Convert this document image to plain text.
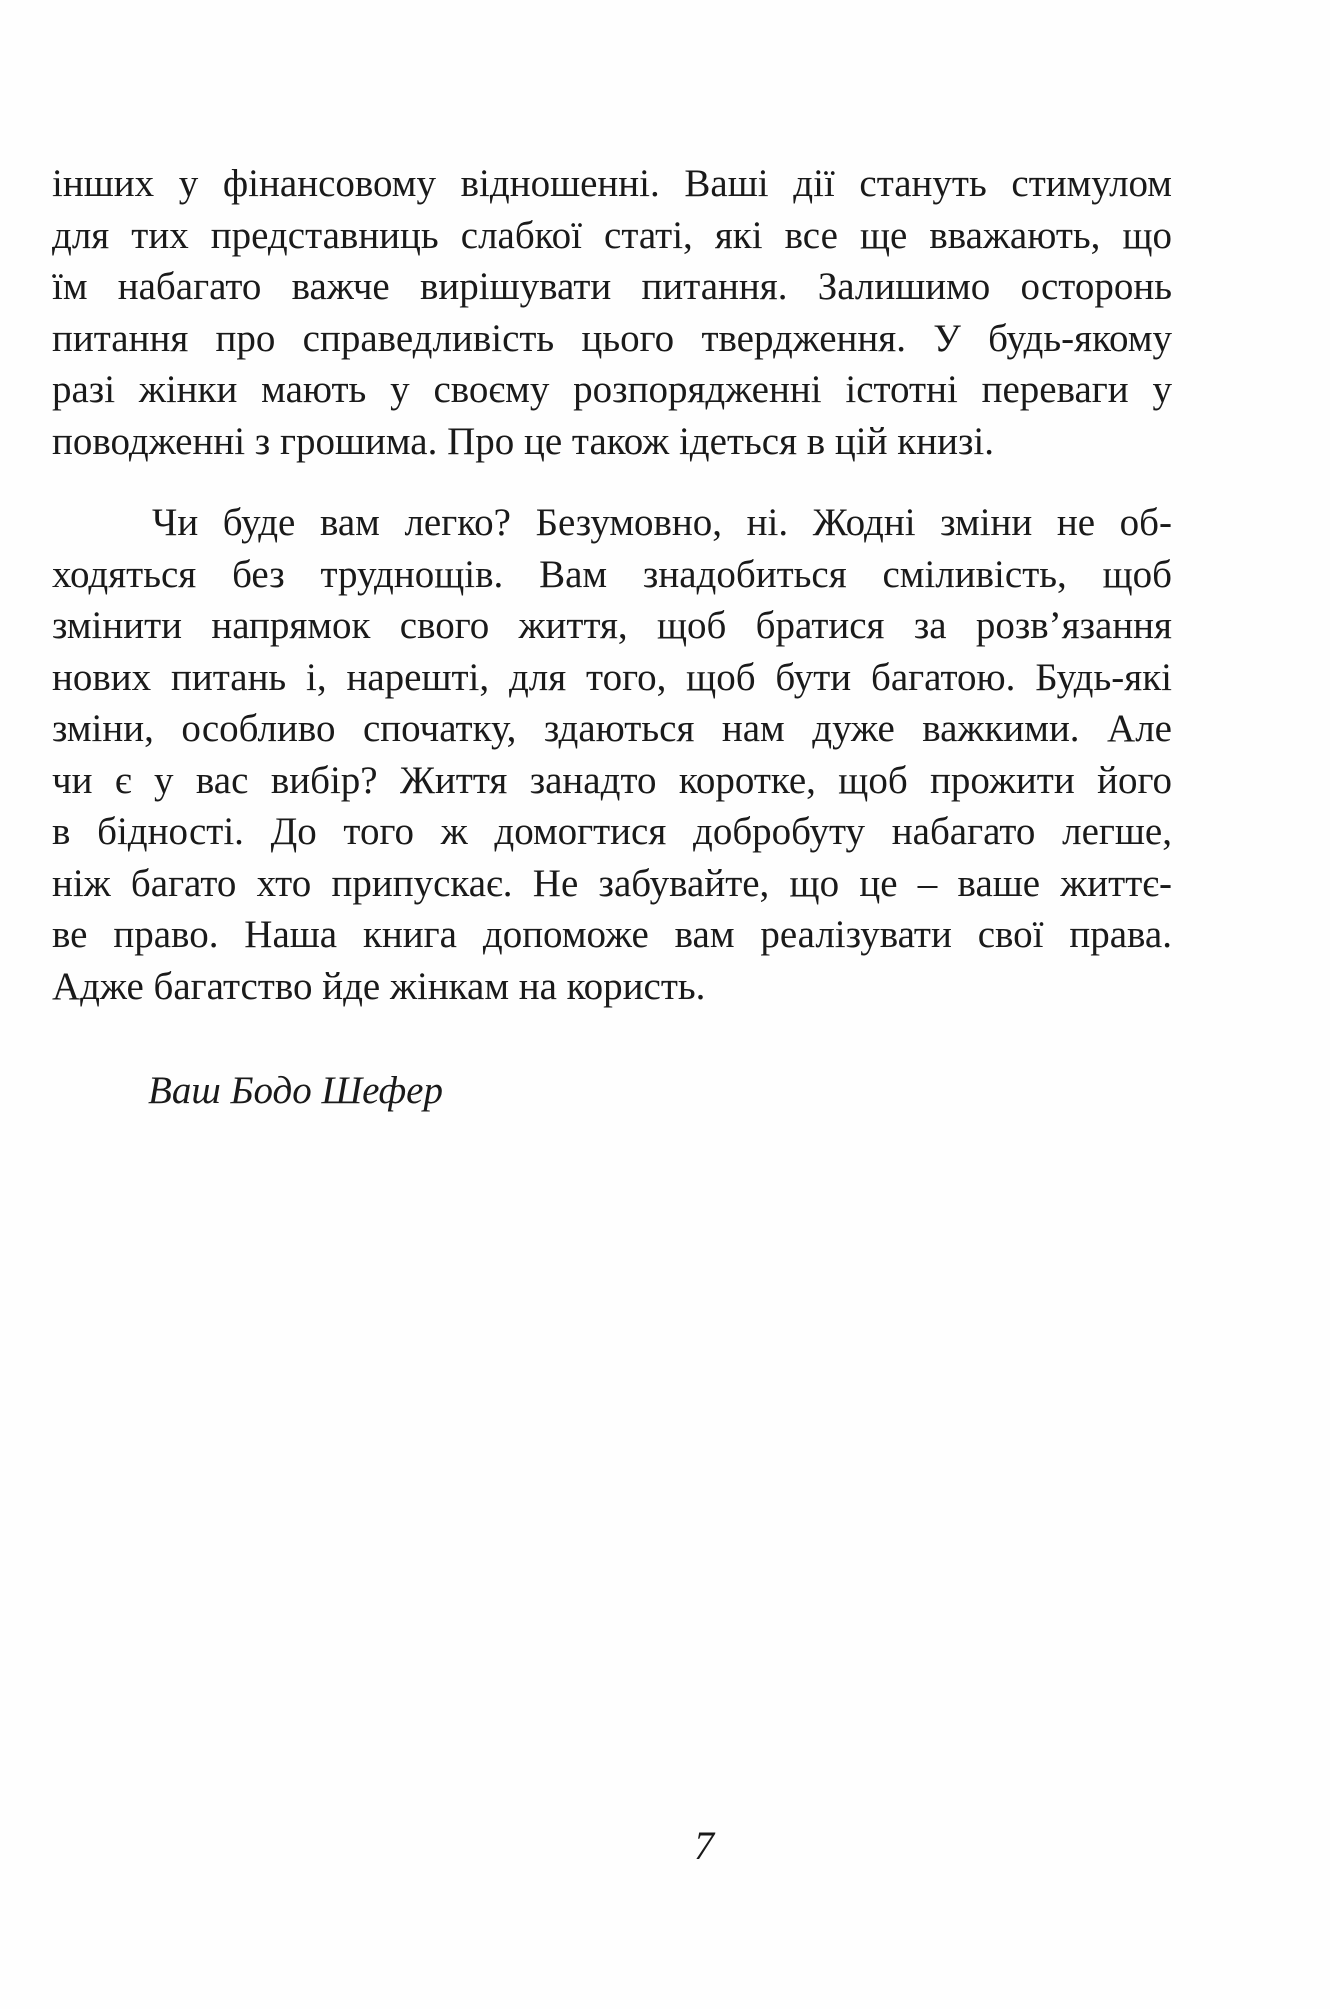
інших у фінансовому відношенні. Ваші дії стануть стимулом
для тих представниць слабкої статі, які все ще вважають, що
їм набагато важче вирішувати питання. Залишимо осторонь
питання про справедливість цього твердження. У будь-якому
разі жінки мають у своєму розпорядженні істотні переваги у
поводженні з грошима. Про це також ідеться в цій книзі.
Чи буде вам легко? Безумовно, ні. Жодні зміни не об-
ходяться без труднощів. Вам знадобиться сміливість, щоб
змінити напрямок свого життя, щоб братися за розв’язання
нових питань і, нарешті, для того, щоб бути багатою. Будь-які
зміни, особливо спочатку, здаються нам дуже важкими. Але
чи є у вас вибір? Життя занадто коротке, щоб прожити його
в бідності. До того ж домогтися добробуту набагато легше,
ніж багато хто припускає. Не забувайте, що це – ваше життє-
ве право. Наша книга допоможе вам реалізувати свої права.
Адже багатство йде жінкам на користь.
Ваш Бодо Шефер
7
